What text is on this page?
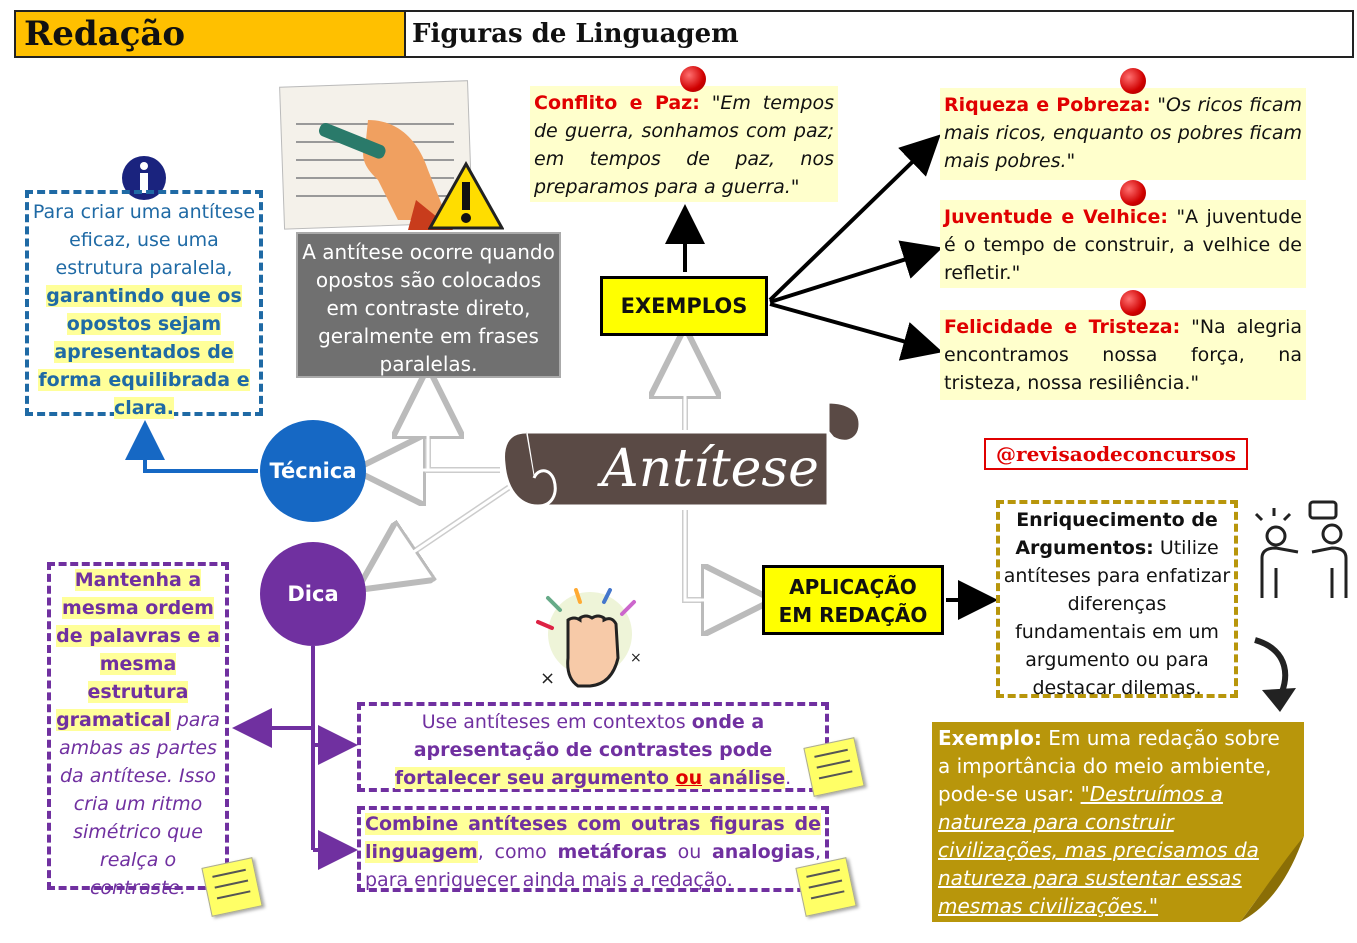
Redação	Figuras de Linguagem
Antítese
A antítese ocorre quando opostos são colocados em contraste direto, geralmente em frases paralelas.
Para criar uma antítese eficaz, use uma estrutura paralela, garantindo que os opostos sejam apresentados de forma equilibrada e clara.
Técnica
Dica
Mantenha a mesma ordem de palavras e a mesma estrutura gramatical para ambas as partes da antítese. Isso cria um ritmo simétrico que realça o contraste.
×
×
Use antíteses em contextos onde a apresentação de contrastes pode
fortalecer seu argumento ou análise.
Combine antíteses com outras figuras de linguagem, como metáforas ou analogias, para enriquecer ainda mais a redação.
EXEMPLOS
Conflito e Paz: "Em tempos de guerra, sonhamos com paz; em tempos de paz, nos preparamos para a guerra."
Riqueza e Pobreza: "Os ricos ficam mais ricos, enquanto os pobres ficam mais pobres."
Juventude e Velhice: "A juventude é o tempo de construir, a velhice de refletir."
Felicidade e Tristeza: "Na alegria encontramos nossa força, na tristeza, nossa resiliência."
@revisaodeconcursos
APLICAÇÃO
EM REDAÇÃO
Enriquecimento de Argumentos: Utilize antíteses para enfatizar diferenças fundamentais em um argumento ou para destacar dilemas.
Exemplo: Em uma redação sobre a importância do meio ambiente, pode-se usar: "Destruímos a natureza para construir civilizações, mas precisamos da natureza para sustentar essas mesmas civilizações."
